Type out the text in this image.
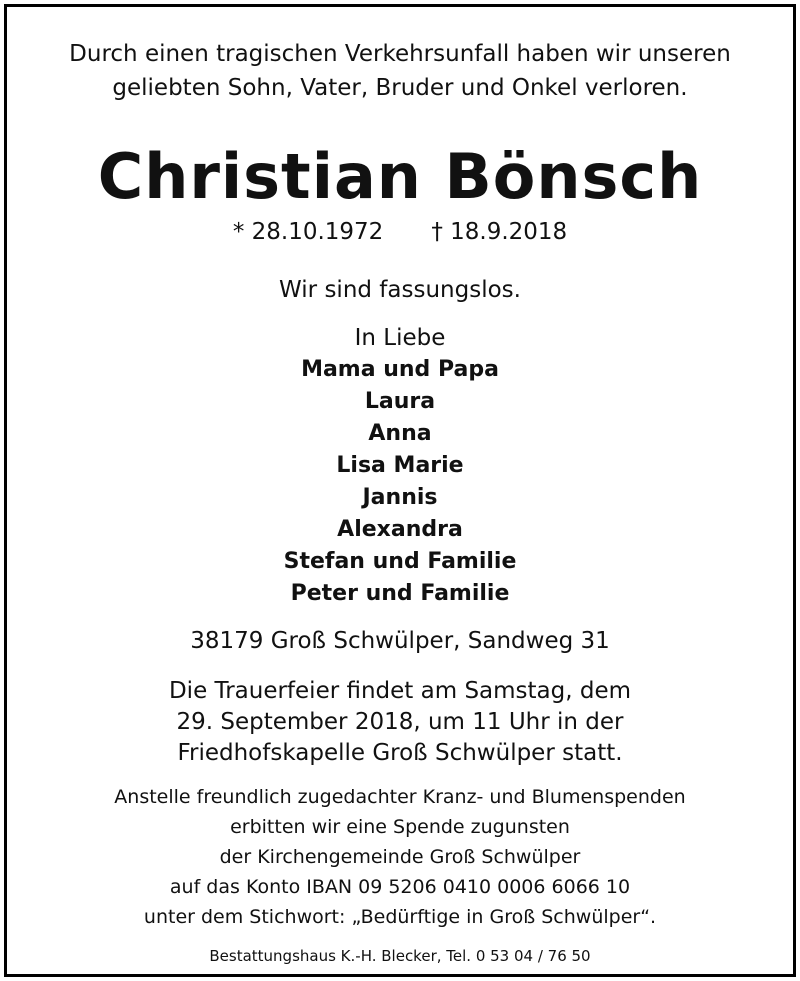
Durch einen tragischen Verkehrsunfall haben wir unseren
geliebten Sohn, Vater, Bruder und Onkel verloren.
Christian Bönsch
* 28.10.1972 † 18.9.2018
Wir sind fassungslos.
In Liebe
Mama und Papa
Laura
Anna
Lisa Marie
Jannis
Alexandra
Stefan und Familie
Peter und Familie
38179 Groß Schwülper, Sandweg 31
Die Trauerfeier findet am Samstag, dem
29. September 2018, um 11 Uhr in der
Friedhofskapelle Groß Schwülper statt.
Anstelle freundlich zugedachter Kranz- und Blumenspenden
erbitten wir eine Spende zugunsten
der Kirchengemeinde Groß Schwülper
auf das Konto IBAN 09 5206 0410 0006 6066 10
unter dem Stichwort: „Bedürftige in Groß Schwülper“.
Bestattungshaus K.-H. Blecker, Tel. 0 53 04 / 76 50
